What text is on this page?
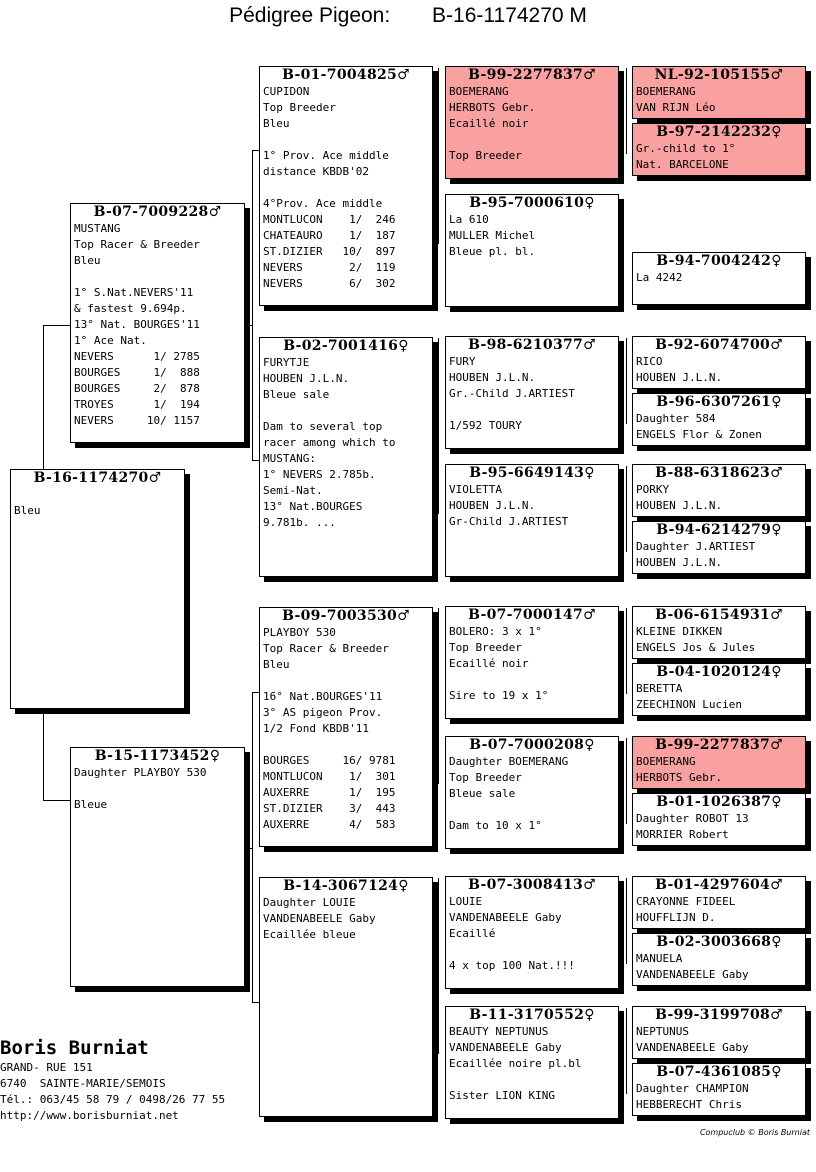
Pédigree Pigeon: B-16-1174270 M
B-16-1174270♂

Bleu
B-07-7009228♂
MUSTANG
Top Racer & Breeder
Bleu

1° S.Nat.NEVERS'11
& fastest 9.694p.
13° Nat. BOURGES'11
1° Ace Nat.
NEVERS      1/ 2785
BOURGES     1/  888
BOURGES     2/  878
TROYES      1/  194
NEVERS     10/ 1157
B-15-1173452♀
Daughter PLAYBOY 530

Bleue
B-01-7004825♂
CUPIDON
Top Breeder
Bleu

1° Prov. Ace middle
distance KBDB'02

4°Prov. Ace middle
MONTLUCON    1/  246
CHATEAURO    1/  187
ST.DIZIER   10/  897
NEVERS       2/  119
NEVERS       6/  302
B-02-7001416♀
FURYTJE
HOUBEN J.L.N.
Bleue sale

Dam to several top
racer among which to
MUSTANG:
1° NEVERS 2.785b.
Semi-Nat.
13° Nat.BOURGES
9.781b. ...
B-09-7003530♂
PLAYBOY 530
Top Racer & Breeder
Bleu

16° Nat.BOURGES'11
3° AS pigeon Prov.
1/2 Fond KBDB'11

BOURGES     16/ 9781
MONTLUCON    1/  301
AUXERRE      1/  195
ST.DIZIER    3/  443
AUXERRE      4/  583
B-14-3067124♀
Daughter LOUIE
VANDENABEELE Gaby
Ecaillée bleue
B-99-2277837♂
BOEMERANG
HERBOTS Gebr.
Ecaillé noir

Top Breeder
B-95-7000610♀
La 610
MULLER Michel
Bleue pl. bl.
B-98-6210377♂
FURY
HOUBEN J.L.N.
Gr.-Child J.ARTIEST

1/592 TOURY
B-95-6649143♀
VIOLETTA
HOUBEN J.L.N.
Gr-Child J.ARTIEST
B-07-7000147♂
BOLERO: 3 x 1°
Top Breeder
Ecaillé noir

Sire to 19 x 1°
B-07-7000208♀
Daughter BOEMERANG
Top Breeder
Bleue sale

Dam to 10 x 1°
B-07-3008413♂
LOUIE
VANDENABEELE Gaby
Ecaillé

4 x top 100 Nat.!!!
B-11-3170552♀
BEAUTY NEPTUNUS
VANDENABEELE Gaby
Ecaillée noire pl.bl

Sister LION KING
NL-92-105155♂
BOEMERANG
VAN RIJN Léo
B-97-2142232♀
Gr.-child to 1°
Nat. BARCELONE
B-94-7004242♀
La 4242
B-92-6074700♂
RICO
HOUBEN J.L.N.
B-96-6307261♀
Daughter 584
ENGELS Flor & Zonen
B-88-6318623♂
PORKY
HOUBEN J.L.N.
B-94-6214279♀
Daughter J.ARTIEST
HOUBEN J.L.N.
B-06-6154931♂
KLEINE DIKKEN
ENGELS Jos & Jules
B-04-1020124♀
BERETTA
ZEECHINON Lucien
B-99-2277837♂
BOEMERANG
HERBOTS Gebr.
B-01-1026387♀
Daughter ROBOT 13
MORRIER Robert
B-01-4297604♂
CRAYONNE FIDEEL
HOUFFLIJN D.
B-02-3003668♀
MANUELA
VANDENABEELE Gaby
B-99-3199708♂
NEPTUNUS
VANDENABEELE Gaby
B-07-4361085♀
Daughter CHAMPION
HEBBERECHT Chris
Boris Burniat
GRAND- RUE 151
6740  SAINTE-MARIE/SEMOIS
Tél.: 063/45 58 79 / 0498/26 77 55
http://www.borisburniat.net
Compuclub © Boris Burniat
